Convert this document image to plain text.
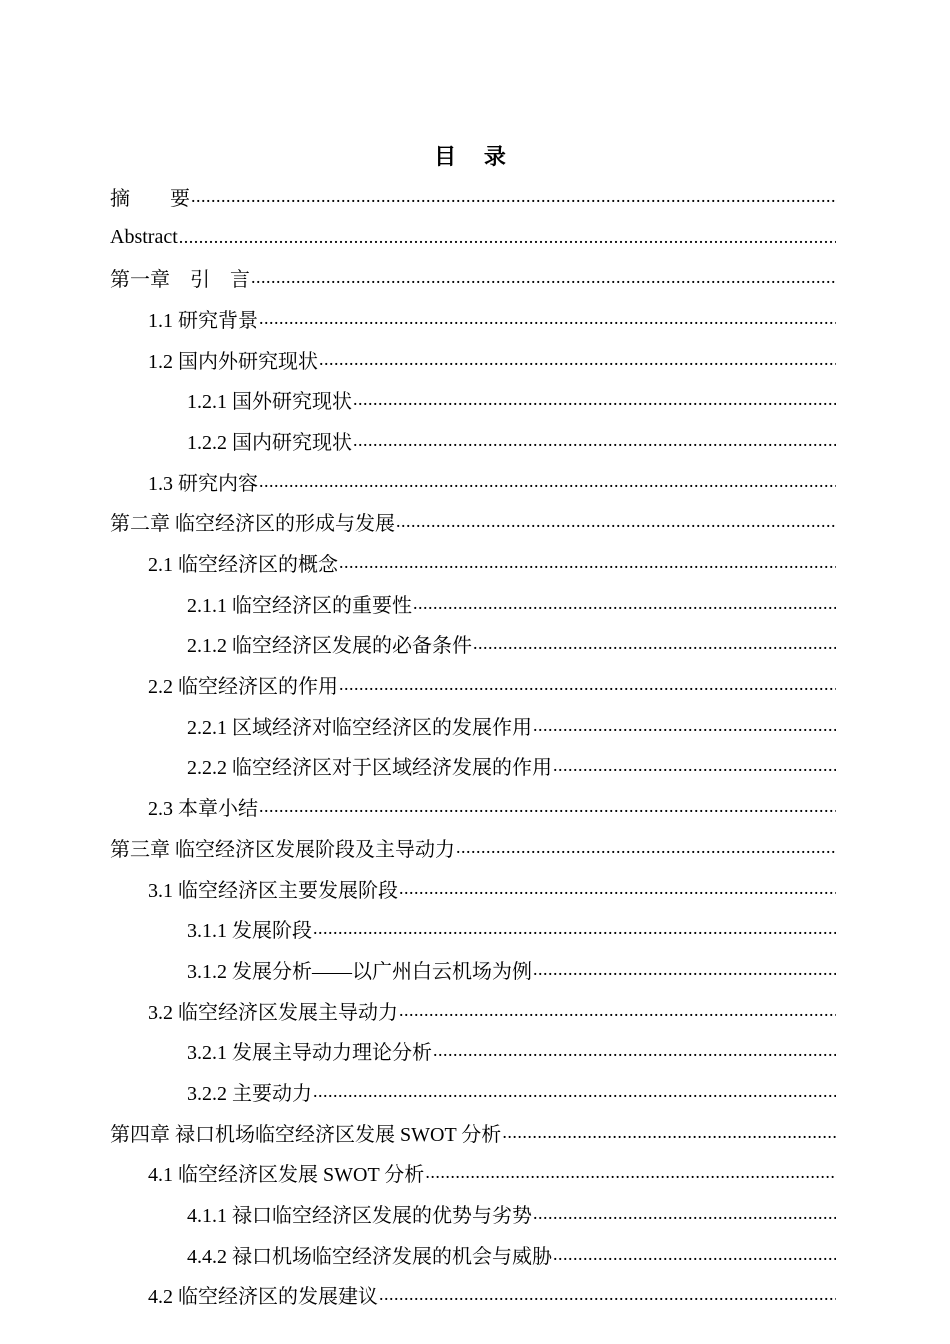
目 录
摘　　要
.....
Abstract
.....
第一章　引　言
.....
1.1 研究背景
.....
1.2 国内外研究现状
.....
1.2.1 国外研究现状
.....
1.2.2 国内研究现状
.....
1.3 研究内容
.....
第二章 临空经济区的形成与发展
.....
2.1 临空经济区的概念
.....
2.1.1 临空经济区的重要性
.....
2.1.2 临空经济区发展的必备条件
.....
2.2 临空经济区的作用
.....
2.2.1 区域经济对临空经济区的发展作用
.....
2.2.2 临空经济区对于区域经济发展的作用
.....
2.3 本章小结
.....
第三章 临空经济区发展阶段及主导动力
.....
3.1 临空经济区主要发展阶段
.....
3.1.1 发展阶段
.....
3.1.2 发展分析——以广州白云机场为例
.....
3.2 临空经济区发展主导动力
.....
3.2.1 发展主导动力理论分析
.....
3.2.2 主要动力
.....
第四章 禄口机场临空经济区发展 SWOT 分析
.....
4.1 临空经济区发展 SWOT 分析
.....
4.1.1 禄口临空经济区发展的优势与劣势
.....
4.4.2 禄口机场临空经济发展的机会与威胁
.....
4.2 临空经济区的发展建议
.....
